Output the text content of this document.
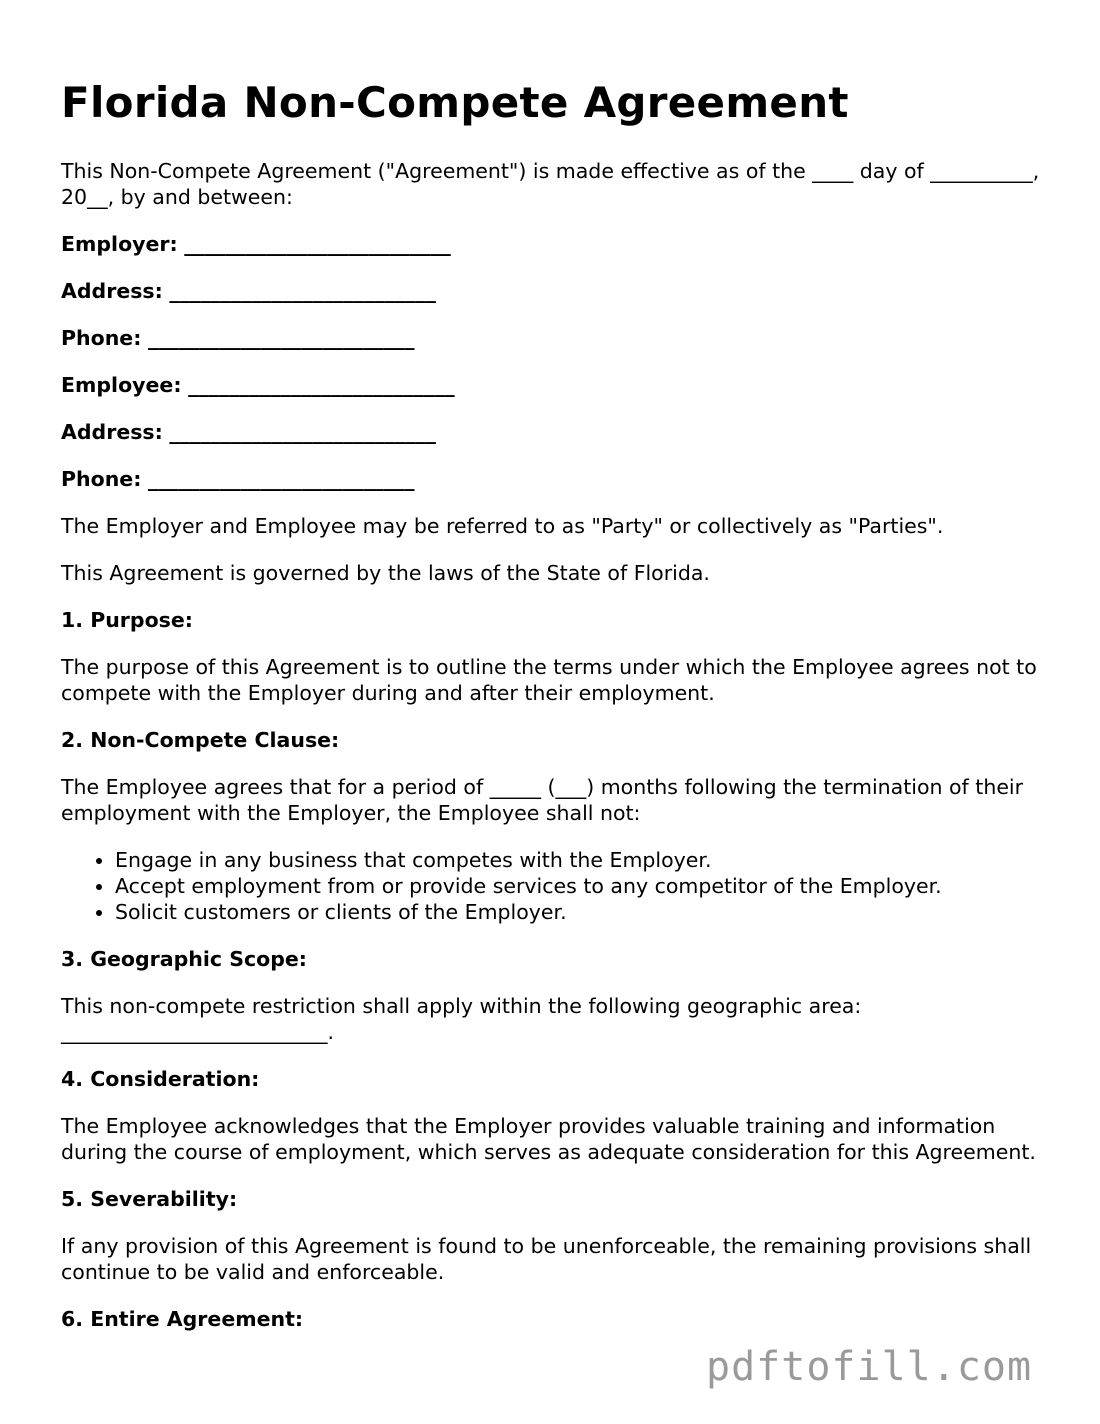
Florida Non-Compete Agreement

This Non-Compete Agreement ("Agreement") is made effective as of the ____ day of __________, 20__, by and between:

Employer: __________________________
Address: __________________________
Phone: __________________________
Employee: __________________________
Address: __________________________
Phone: __________________________

The Employer and Employee may be referred to as "Party" or collectively as "Parties".

This Agreement is governed by the laws of the State of Florida.

1. Purpose:

The purpose of this Agreement is to outline the terms under which the Employee agrees not to compete with the Employer during and after their employment.

2. Non-Compete Clause:

The Employee agrees that for a period of _____ (___) months following the termination of their employment with the Employer, the Employee shall not:

• Engage in any business that competes with the Employer.
• Accept employment from or provide services to any competitor of the Employer.
• Solicit customers or clients of the Employer.
3. Geographic Scope:

This non-compete restriction shall apply within the following geographic area: __________________________.

4. Consideration:

The Employee acknowledges that the Employer provides valuable training and information during the course of employment, which serves as adequate consideration for this Agreement.

5. Severability:

If any provision of this Agreement is found to be unenforceable, the remaining provisions shall continue to be valid and enforceable.

6. Entire Agreement:
pdftofill.com
